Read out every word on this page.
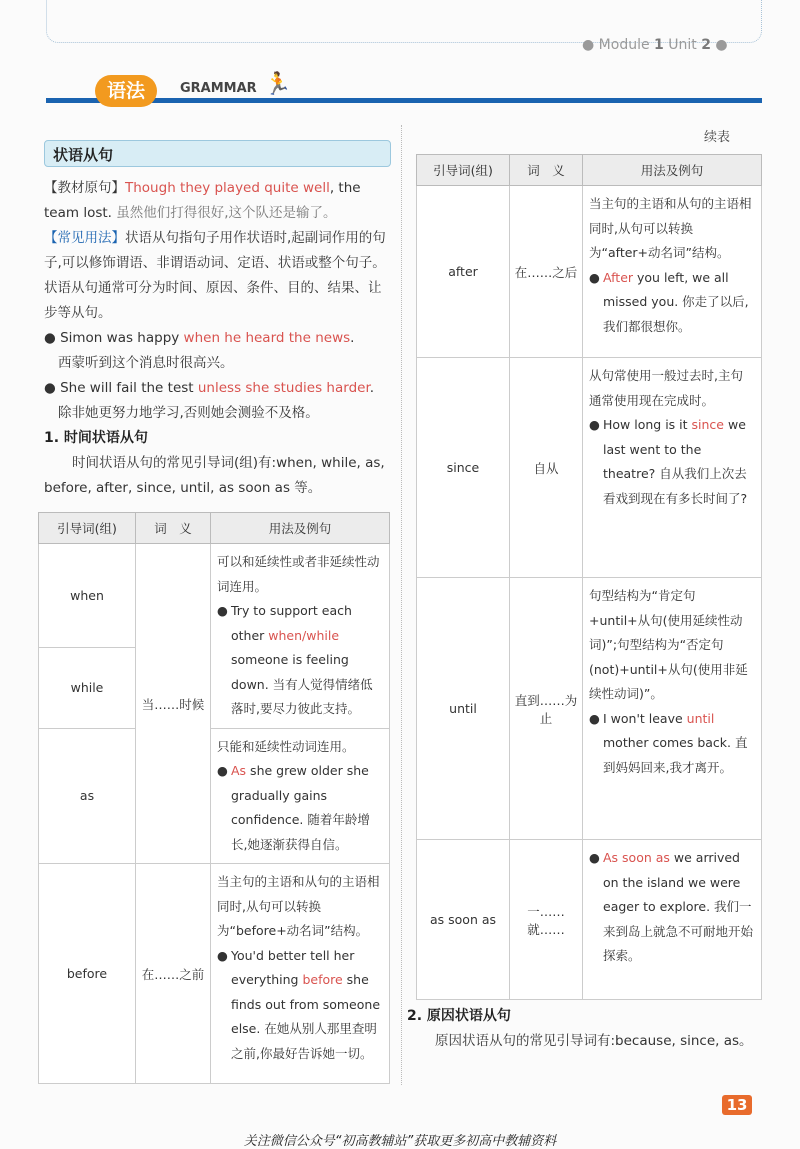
● Module 1 Unit 2 ●
语法	GRAMMAR 🏃
状语从句
【教材原句】Though they played quite well, the team lost. 虽然他们打得很好,这个队还是输了。
【常见用法】状语从句指句子用作状语时,起副词作用的句子,可以修饰谓语、非谓语动词、定语、状语或整个句子。状语从句通常可分为时间、原因、条件、目的、结果、让步等从句。
● Simon was happy when he heard the news.
西蒙听到这个消息时很高兴。
● She will fail the test unless she studies harder.
除非她更努力地学习,否则她会测验不及格。
1. 时间状语从句
时间状语从句的常见引导词(组)有:when, while, as, before, after, since, until, as soon as 等。
引导词(组)	词　义	用法及例句
when	当……时候	可以和延续性或者非延续性动词连用。
● Try to support each other when/while someone is feeling down. 当有人觉得情绪低落时,要尽力彼此支持。

while		
as		只能和延续性动词连用。
● As she grew older she gradually gains confidence. 随着年龄增长,她逐渐获得自信。

before	在……之前	当主句的主语和从句的主语相同时,从句可以转换为“before+动名词”结构。
● You'd better tell her everything before she finds out from someone else. 在她从别人那里查明之前,你最好告诉她一切。
续表
引导词(组)	词　义	用法及例句
after	在……之后	当主句的主语和从句的主语相同时,从句可以转换为“after+动名词”结构。
● After you left, we all missed you. 你走了以后,我们都很想你。

since	自从	从句常使用一般过去时,主句通常使用现在完成时。
● How long is it since we last went to the theatre? 自从我们上次去看戏到现在有多长时间了?

until	直到……为止	句型结构为“肯定句+until+从句(使用延续性动词)”;句型结构为“否定句(not)+until+从句(使用非延续性动词)”。
● I won't leave until mother comes back. 直到妈妈回来,我才离开。

as soon as	一……就……	● As soon as we arrived on the island we were eager to explore. 我们一来到岛上就急不可耐地开始探索。
2. 原因状语从句
原因状语从句的常见引导词有:because, since, as。
13
关注微信公众号“初高教辅站”获取更多初高中教辅资料
